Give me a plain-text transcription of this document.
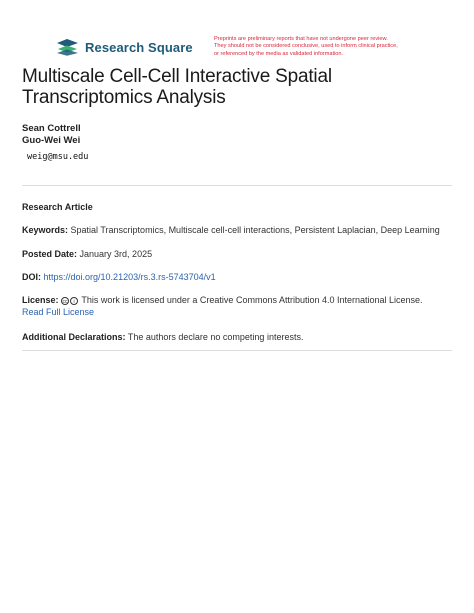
Research Square
Preprints are preliminary reports that have not undergone peer review.
They should not be considered conclusive, used to inform clinical practice,
or referenced by the media as validated information.
Multiscale Cell-Cell Interactive Spatial Transcriptomics Analysis
Sean Cottrell
Guo-Wei Wei
weig@msu.edu
Research Article
Keywords: Spatial Transcriptomics, Multiscale cell-cell interactions, Persistent Laplacian, Deep Learning
Posted Date: January 3rd, 2025
DOI: https://doi.org/10.21203/rs.3.rs-5743704/v1
License: cc i This work is licensed under a Creative Commons Attribution 4.0 International License.
Read Full License
Additional Declarations: The authors declare no competing interests.
